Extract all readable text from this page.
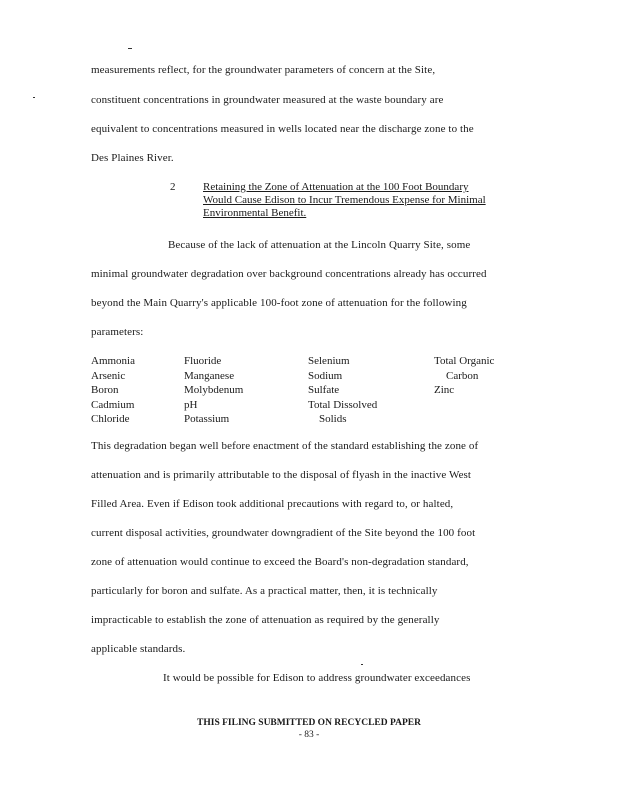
measurements reflect, for the groundwater parameters of concern at the Site,
constituent concentrations in groundwater measured at the waste boundary are
equivalent to concentrations measured in wells located near the discharge zone to the
Des Plaines River.
2	Retaining the Zone of Attenuation at the 100 Foot Boundary
Would Cause Edison to Incur Tremendous Expense for Minimal
Environmental Benefit.
Because of the lack of attenuation at the Lincoln Quarry Site, some
minimal groundwater degradation over background concentrations already has occurred
beyond the Main Quarry's applicable 100-foot zone of attenuation for the following
parameters:
Ammonia
Arsenic
Boron
Cadmium
Chloride
Fluoride
Manganese
Molybdenum
pH
Potassium
Selenium
Sodium
Sulfate
Total Dissolved
Solids
Total Organic
Carbon
Zinc
This degradation began well before enactment of the standard establishing the zone of
attenuation and is primarily attributable to the disposal of flyash in the inactive West
Filled Area. Even if Edison took additional precautions with regard to, or halted,
current disposal activities, groundwater downgradient of the Site beyond the 100 foot
zone of attenuation would continue to exceed the Board's non-degradation standard,
particularly for boron and sulfate. As a practical matter, then, it is technically
impracticable to establish the zone of attenuation as required by the generally
applicable standards.
It would be possible for Edison to address groundwater exceedances
THIS FILING SUBMITTED ON RECYCLED PAPER
- 83 -
